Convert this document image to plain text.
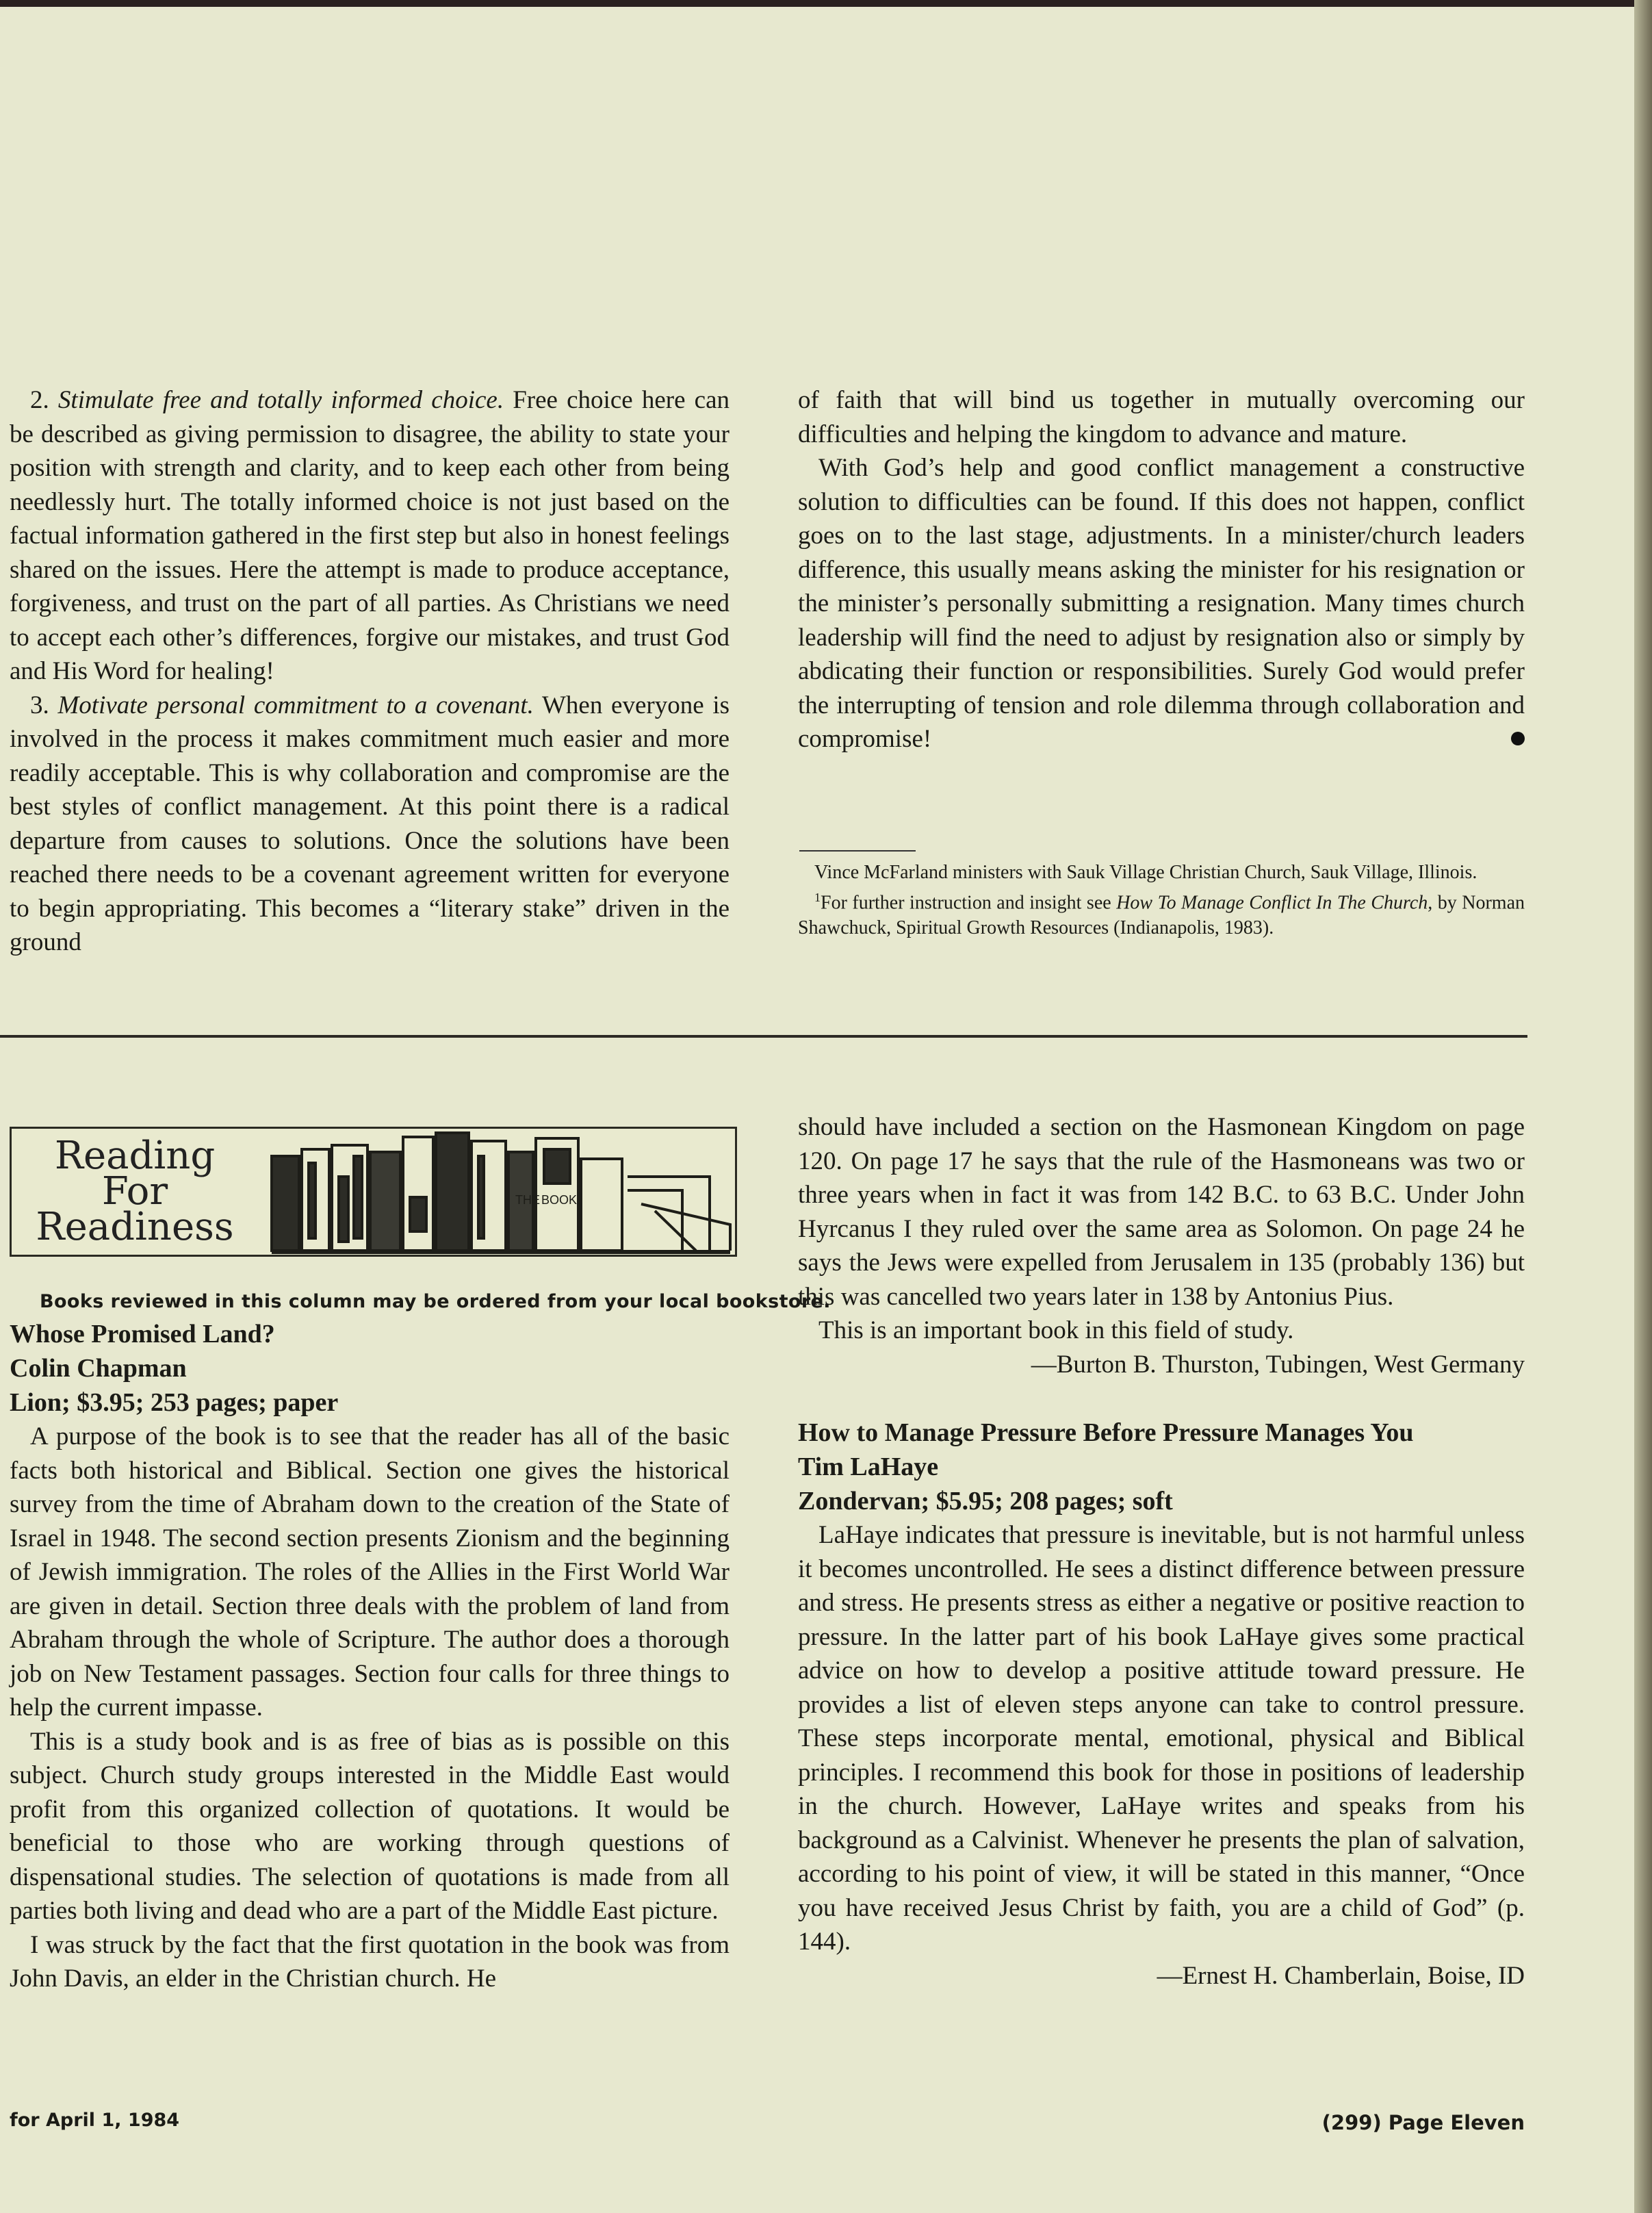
2. Stimulate free and totally informed choice. Free choice here can be described as giving permission to disagree, the ability to state your position with strength and clarity, and to keep each other from being needlessly hurt. The totally informed choice is not just based on the factual information gathered in the first step but also in honest feelings shared on the issues. Here the attempt is made to produce acceptance, forgiveness, and trust on the part of all parties. As Christians we need to accept each other’s differences, forgive our mistakes, and trust God and His Word for healing!

3. Motivate personal commitment to a covenant. When everyone is involved in the process it makes commitment much easier and more readily acceptable. This is why collaboration and compromise are the best styles of conflict management. At this point there is a radical departure from causes to solutions. Once the solutions have been reached there needs to be a covenant agreement written for everyone to begin appropriating. This becomes a “literary stake” driven in the ground

of faith that will bind us together in mutually overcoming our difficulties and helping the kingdom to advance and mature.

With God’s help and good conflict management a constructive solution to difficulties can be found. If this does not happen, conflict goes on to the last stage, adjustments. In a minister/church leaders difference, this usually means asking the minister for his resignation or the minister’s personally submitting a resignation. Many times church leadership will find the need to adjust by resignation also or simply by abdicating their function or responsibilities. Surely God would prefer the interrupting of tension and role dilemma through collaboration and compromise!

Vince McFarland ministers with Sauk Village Christian Church, Sauk Village, Illinois.

$^1$For further instruction and insight see How To Manage Conflict In The Church, by Norman Shawchuck, Spiritual Growth Resources (Indianapolis, 1983).

Reading
For
Readiness
THE BOOK
Books reviewed in this column may be ordered from your local bookstore.

Whose Promised Land?

Colin Chapman

Lion; $3.95; 253 pages; paper

A purpose of the book is to see that the reader has all of the basic facts both historical and Biblical. Section one gives the historical survey from the time of Abraham down to the creation of the State of Israel in 1948. The second section presents Zionism and the beginning of Jewish immigration. The roles of the Allies in the First World War are given in detail. Section three deals with the problem of land from Abraham through the whole of Scripture. The author does a thorough job on New Testament passages. Section four calls for three things to help the current impasse.

This is a study book and is as free of bias as is possible on this subject. Church study groups interested in the Middle East would profit from this organized collection of quotations. It would be beneficial to those who are working through questions of dispensational studies. The selection of quotations is made from all parties both living and dead who are a part of the Middle East picture.

I was struck by the fact that the first quotation in the book was from John Davis, an elder in the Christian church. He

should have included a section on the Hasmonean Kingdom on page 120. On page 17 he says that the rule of the Hasmoneans was two or three years when in fact it was from 142 B.C. to 63 B.C. Under John Hyrcanus I they ruled over the same area as Solomon. On page 24 he says the Jews were expelled from Jerusalem in 135 (probably 136) but this was cancelled two years later in 138 by Antonius Pius.

This is an important book in this field of study.

—Burton B. Thurston, Tubingen, West Germany

How to Manage Pressure Before Pressure Manages You

Tim LaHaye

Zondervan; $5.95; 208 pages; soft

LaHaye indicates that pressure is inevitable, but is not harmful unless it becomes uncontrolled. He sees a distinct difference between pressure and stress. He presents stress as either a negative or positive reaction to pressure. In the latter part of his book LaHaye gives some practical advice on how to develop a positive attitude toward pressure. He provides a list of eleven steps anyone can take to control pressure. These steps incorporate mental, emotional, physical and Biblical principles. I recommend this book for those in positions of leadership in the church. However, LaHaye writes and speaks from his background as a Calvinist. Whenever he presents the plan of salvation, according to his point of view, it will be stated in this manner, “Once you have received Jesus Christ by faith, you are a child of God” (p. 144).

—Ernest H. Chamberlain, Boise, ID

for April 1, 1984	(299) Page Eleven
